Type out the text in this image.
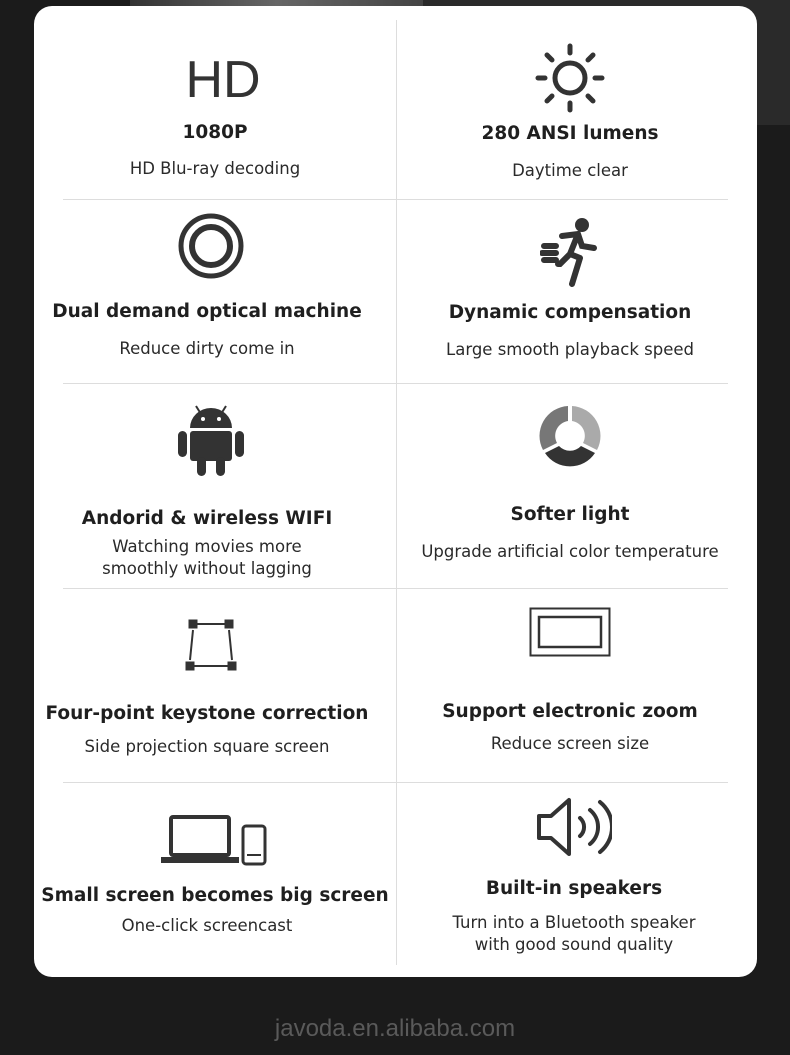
HD
1080P
HD Blu-ray decoding
280 ANSI lumens
Daytime clear
Dual demand optical machine
Reduce dirty come in
Dynamic compensation
Large smooth playback speed
Andorid & wireless WIFI
Watching movies more
smoothly without lagging
Softer light
Upgrade artificial color temperature
Four-point keystone correction
Side projection square screen
Support electronic zoom
Reduce screen size
Small screen becomes big screen
One-click screencast
Built-in speakers
Turn into a Bluetooth speaker
with good sound quality
javoda.en.alibaba.com
